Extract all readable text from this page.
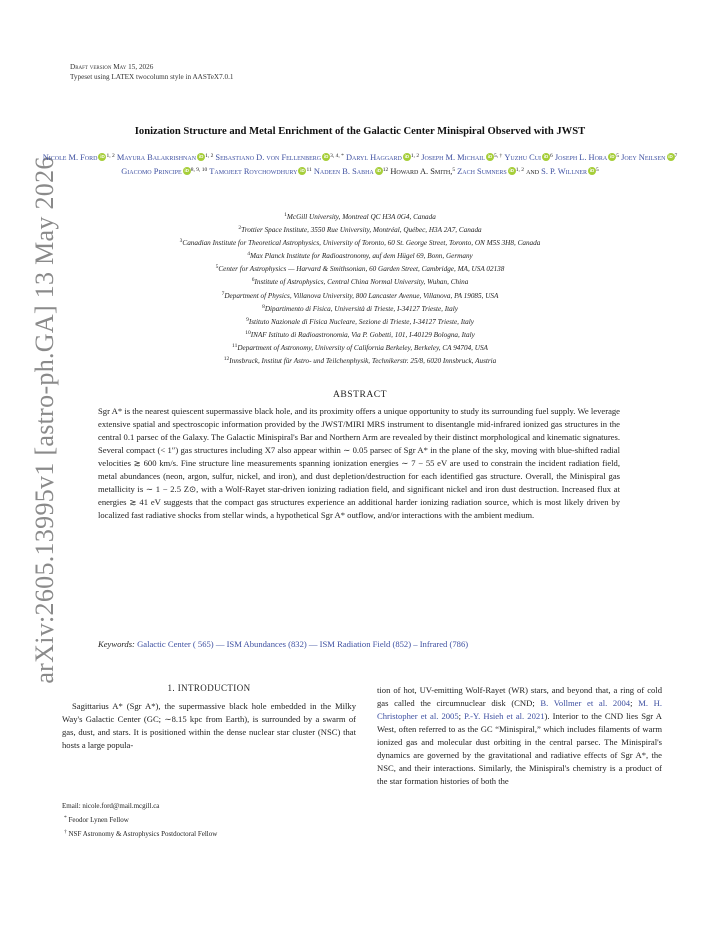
arXiv:2605.13995v1 [astro-ph.GA] 13 May 2026
Draft version May 15, 2026
Typeset using LATEX twocolumn style in AASTeX7.0.1
Ionization Structure and Metal Enrichment of the Galactic Center Minispiral Observed with JWST
Nicole M. Ford iD $^{1, 2}$ Mayura Balakrishnan iD $^{1, 2}$ Sebastiano D. von Fellenberg iD $^{3, 4, *}$ Daryl Haggard iD $^{1, 2}$ Joseph M. Michail iD $^{5, \dagger}$ Yuzhu Cui iD $^6$ Joseph L. Hora iD $^5$ Joey Neilsen iD $^7$ Giacomo Principe iD $^{8, 9, 10}$ Tamojeet Roychowdhury iD $^{11}$ Nadeen B. Sabha iD $^{12}$ Howard A. Smith,$^5$ Zach Sumners iD $^{1, 2}$ and S. P. Willner iD $^5$
$^1$McGill University, Montreal QC H3A 0G4, Canada
$^2$Trottier Space Institute, 3550 Rue University, Montréal, Québec, H3A 2A7, Canada
$^3$Canadian Institute for Theoretical Astrophysics, University of Toronto, 60 St. George Street, Toronto, ON M5S 3H8, Canada
$^4$Max Planck Institute for Radioastronomy, auf dem Hügel 69, Bonn, Germany
$^5$Center for Astrophysics — Harvard & Smithsonian, 60 Garden Street, Cambridge, MA, USA 02138
$^6$Institute of Astrophysics, Central China Normal University, Wuhan, China
$^7$Department of Physics, Villanova University, 800 Lancaster Avenue, Villanova, PA 19085, USA
$^8$Dipartimento di Fisica, Università di Trieste, I-34127 Trieste, Italy
$^9$Istituto Nazionale di Fisica Nucleare, Sezione di Trieste, I-34127 Trieste, Italy
$^{10}$INAF Istituto di Radioastronomia, Via P. Gobetti, 101, I-40129 Bologna, Italy
$^{11}$Department of Astronomy, University of California Berkeley, Berkeley, CA 94704, USA
$^{12}$Innsbruck, Institut für Astro- und Teilchenphysik, Technikerstr. 25/8, 6020 Innsbruck, Austria
ABSTRACT
Sgr A* is the nearest quiescent supermassive black hole, and its proximity offers a unique opportunity to study its surrounding fuel supply. We leverage extensive spatial and spectroscopic information provided by the JWST/MIRI MRS instrument to disentangle mid-infrared ionized gas structures in the central 0.1 parsec of the Galaxy. The Galactic Minispiral's Bar and Northern Arm are revealed by their distinct morphological and kinematic signatures. Several compact (< 1″) gas structures including X7 also appear within ∼ 0.05 parsec of Sgr A* in the plane of the sky, moving with blue-shifted radial velocities ≳ 600 km/s. Fine structure line measurements spanning ionization energies ∼ 7 − 55 eV are used to constrain the incident radiation field, metal abundances (neon, argon, sulfur, nickel, and iron), and dust depletion/destruction for each identified gas structure. Overall, the Minispiral gas metallicity is ∼ 1 − 2.5 Z⊙, with a Wolf-Rayet star-driven ionizing radiation field, and significant nickel and iron dust destruction. Increased flux at energies ≳ 41 eV suggests that the compact gas structures experience an additional harder ionizing radiation source, which is most likely driven by localized fast radiative shocks from stellar winds, a hypothetical Sgr A* outflow, and/or interactions with the ambient medium.
Keywords: Galactic Center ( 565) — ISM Abundances (832) — ISM Radiation Field (852) – Infrared (786)
1. INTRODUCTION
Sagittarius A* (Sgr A*), the supermassive black hole embedded in the Milky Way's Galactic Center (GC; ∼8.15 kpc from Earth), is surrounded by a swarm of gas, dust, and stars. It is positioned within the dense nuclear star cluster (NSC) that hosts a large popula-
tion of hot, UV-emitting Wolf-Rayet (WR) stars, and beyond that, a ring of cold gas called the circumnuclear disk (CND; B. Vollmer et al. 2004; M. H. Christopher et al. 2005; P.-Y. Hsieh et al. 2021). Interior to the CND lies Sgr A West, often referred to as the GC “Minispiral,” which includes filaments of warm ionized gas and molecular dust orbiting in the central parsec. The Minispiral's dynamics are governed by the gravitational and radiative effects of Sgr A*, the NSC, and their interactions. Similarly, the Minispiral's chemistry is a product of the star formation histories of both the
Email: nicole.ford@mail.mcgill.ca
* Feodor Lynen Fellow
† NSF Astronomy & Astrophysics Postdoctoral Fellow
